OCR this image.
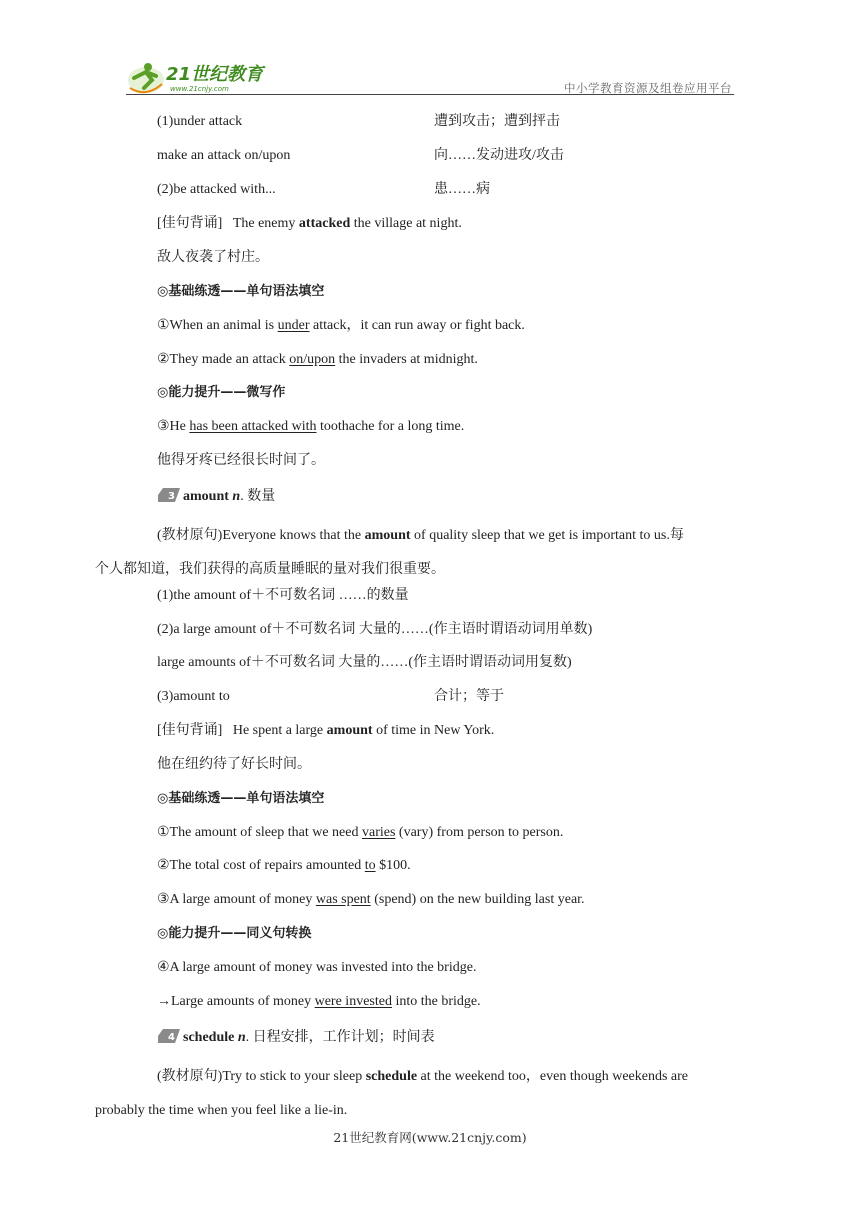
21世纪教育
www.21cnjy.com	中小学教育资源及组卷应用平台
(1)under attack	遭到攻击；遭到抨击
make an attack on/upon	向……发动进攻/攻击
(2)be attacked with...	患……病
[佳句背诵] The enemy attacked the village at night.
敌人夜袭了村庄。
◎基础练透——单句语法填空
①When an animal is under attack，it can run away or fight back.
②They made an attack on/upon the invaders at midnight.
◎能力提升——微写作
③He has been attacked with toothache for a long time.
他得牙疼已经很长时间了。
3 amount n. 数量
(教材原句)Everyone knows that the amount of quality sleep that we get is important to us.每
个人都知道，我们获得的高质量睡眠的量对我们很重要。
(1)the amount of＋不可数名词 ……的数量
(2)a large amount of＋不可数名词 大量的……(作主语时谓语动词用单数)
large amounts of＋不可数名词 大量的……(作主语时谓语动词用复数)
(3)amount to	合计；等于
[佳句背诵] He spent a large amount of time in New York.
他在纽约待了好长时间。
◎基础练透——单句语法填空
①The amount of sleep that we need varies (vary) from person to person.
②The total cost of repairs amounted to $100.
③A large amount of money was spent (spend) on the new building last year.
◎能力提升——同义句转换
④A large amount of money was invested into the bridge.
→Large amounts of money were invested into the bridge.
4 schedule n. 日程安排，工作计划；时间表
(教材原句)Try to stick to your sleep schedule at the weekend too，even though weekends are
probably the time when you feel like a lie-in.
21世纪教育网(www.21cnjy.com)
